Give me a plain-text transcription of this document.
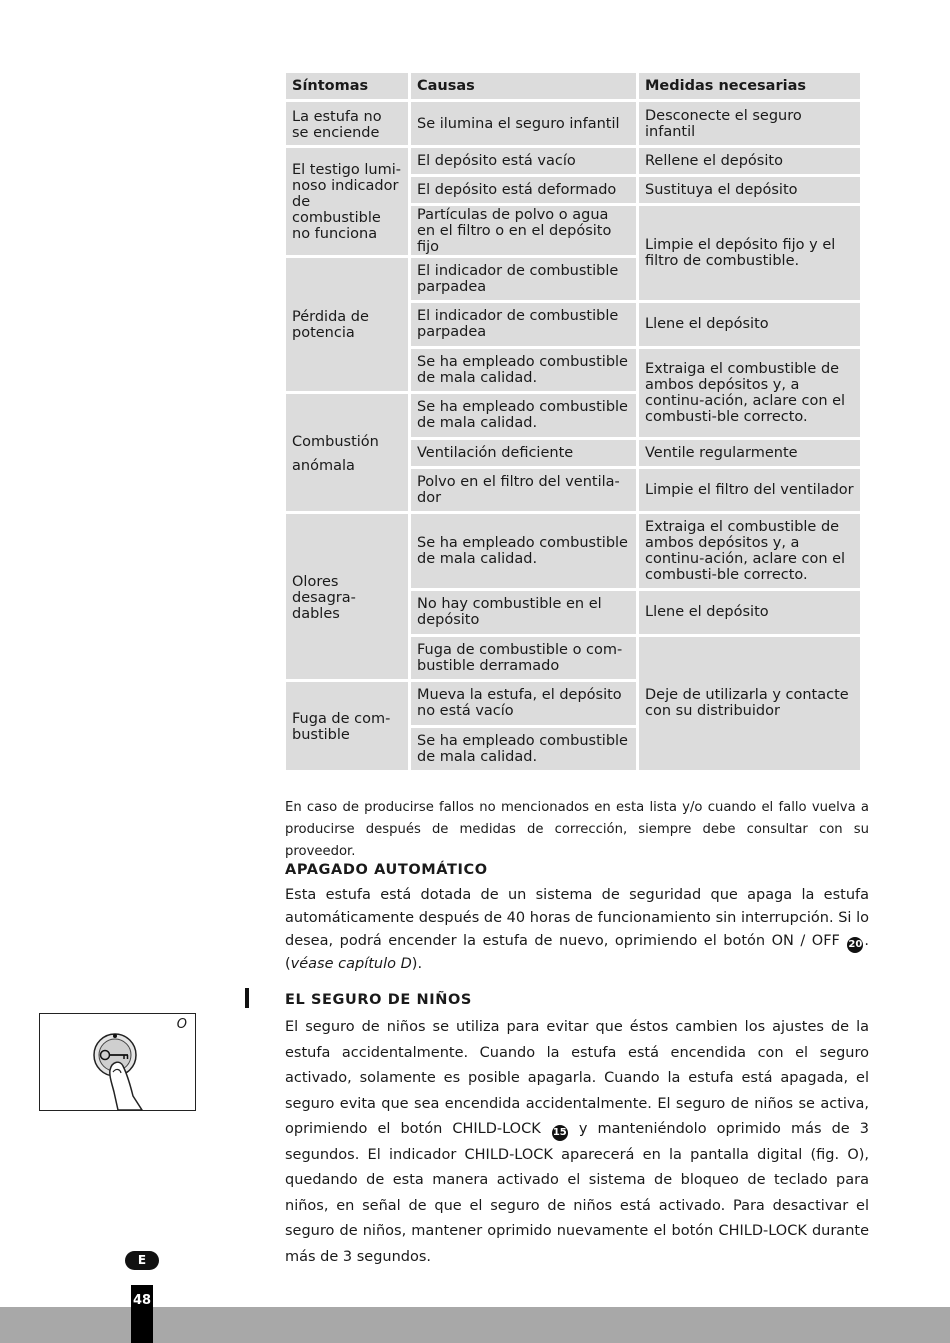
Síntomas	Causas	Medidas necesarias
La estufa no se enciende	Se ilumina el seguro infantil	Desconecte el seguro infantil
El testigo lumi-noso indicador de combustible no funciona	El depósito está vacío	Rellene el depósito
	El depósito está deformado	Sustituya el depósito
	Partículas de polvo o agua en el filtro o en el depósito fijo	Limpie el depósito fijo y el filtro de combustible.
Pérdida de potencia	El indicador de combustible parpadea	
	El indicador de combustible parpadea	Llene el depósito
	Se ha empleado combustible de mala calidad.	Extraiga el combustible de ambos depósitos y, a continu-ación, aclare con el combusti-ble correcto.
Combustión anómala	Se ha empleado combustible de mala calidad.	
	Ventilación deficiente	Ventile regularmente
	Polvo en el filtro del ventila-dor	Limpie el filtro del ventilador
Olores desagra-dables	Se ha empleado combustible de mala calidad.	Extraiga el combustible de ambos depósitos y, a continu-ación, aclare con el combusti-ble correcto.
	No hay combustible en el depósito	Llene el depósito
	Fuga de combustible o com-bustible derramado	Deje de utilizarla y contacte con su distribuidor
Fuga de com-bustible	Mueva la estufa, el depósito no está vacío	
	Se ha empleado combustible de mala calidad.	
En caso de producirse fallos no mencionados en esta lista y/o cuando el fallo vuelva a producirse después de medidas de corrección, siempre debe consultar con su proveedor.
APAGADO AUTOMÁTICO

Esta estufa está dotada de un sistema de seguridad que apaga la estufa automáticamente después de 40 horas de funcionamiento sin interrupción. Si lo desea, podrá encender la estufa de nuevo, oprimiendo el botón ON / OFF 20 . (véase capítulo D).

EL SEGURO DE NIÑOS

El seguro de niños se utiliza para evitar que éstos cambien los ajustes de la estufa accidentalmente. Cuando la estufa está encendida con el seguro activado, solamente es posible apagarla. Cuando la estufa está apagada, el seguro evita que sea encendida accidentalmente. El seguro de niños se activa, oprimiendo el botón CHILD-LOCK 15 y manteniéndolo oprimido más de 3 segundos. El indicador CHILD-LOCK aparecerá en la pantalla digital (fig. O), quedando de esta manera activado el sistema de bloqueo de teclado para niños, en señal de que el seguro de niños está activado. Para desactivar el seguro de niños, mantener oprimido nuevamente el botón CHILD-LOCK durante más de 3 segundos.

O
E
48
